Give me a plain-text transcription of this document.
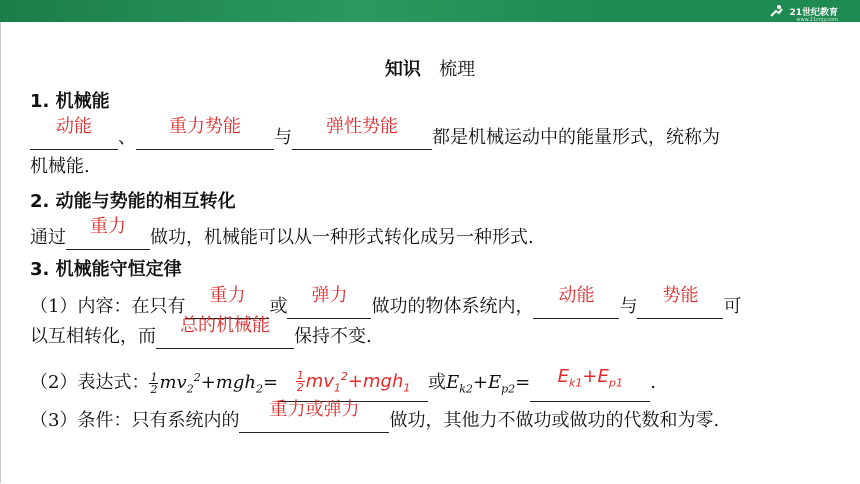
21世纪教育
www.21cnjy.com
知识 梳理
1. 机械能
动能
、
重力势能
与
弹性势能
都是机械运动中的能量形式，统称为
机械能.
2. 动能与势能的相互转化
通过
重力
做功，机械能可以从一种形式转化成另一种形式.
3. 机械能守恒定律
（1）内容：在只有
重力
或
弹力
做功的物体系统内，
动能
与
势能
可
以互相转化，而
总的机械能
保持不变.
（2）表达式： $\frac{1}{2} mv_2^2+mgh_2= \frac{1}{2} mv_1^2+mgh_1$ 或$E_{k2}+E_{p2}=$	$E_{k1}+E_{p1}$	.
（3）条件：只有系统内的
重力或弹力
做功，其他力不做功或做功的代数和为零.
